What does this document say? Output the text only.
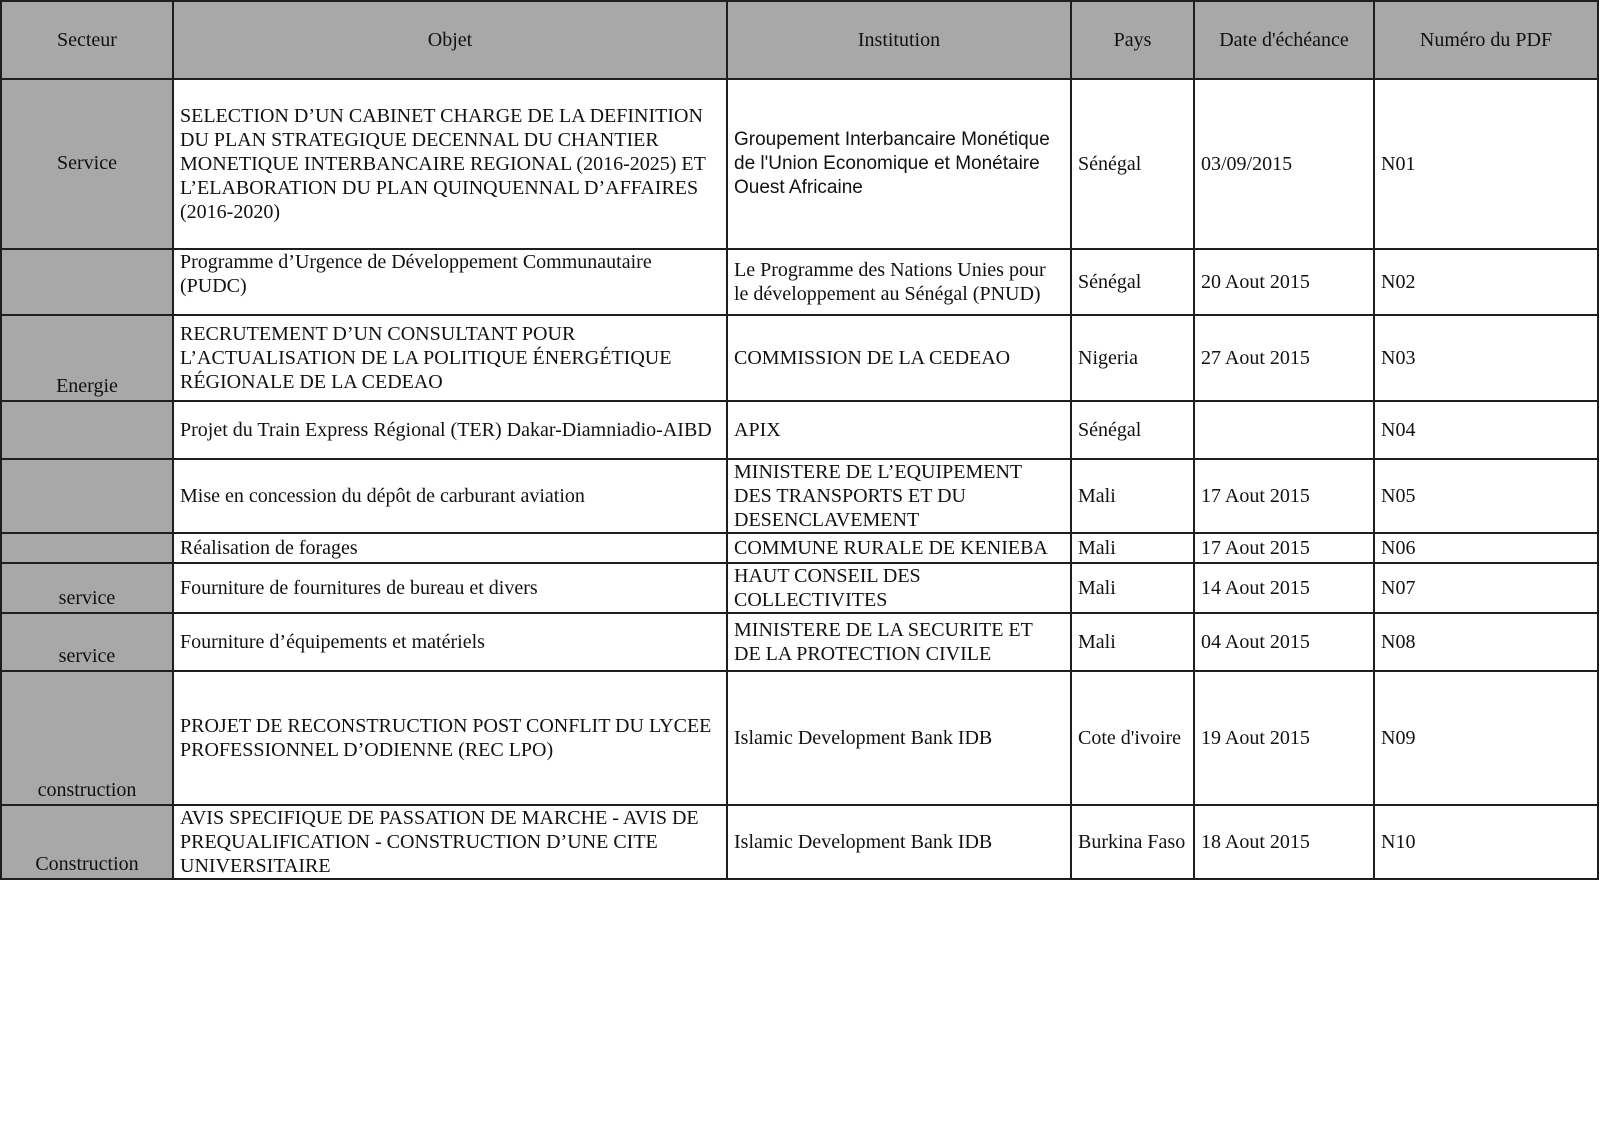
Secteur	Objet	Institution	Pays	Date d'échéance	Numéro du PDF
Service	SELECTION D’UN CABINET CHARGE DE LA DEFINITION DU PLAN STRATEGIQUE DECENNAL DU CHANTIER MONETIQUE INTERBANCAIRE REGIONAL (2016-2025) ET L’ELABORATION DU PLAN QUINQUENNAL D’AFFAIRES (2016-2020)	Groupement Interbancaire Monétique de l'Union Economique et Monétaire Ouest Africaine	Sénégal	03/09/2015	N01
	Programme d’Urgence de Développement Communautaire (PUDC)	Le Programme des Nations Unies pour le développement au Sénégal (PNUD)	Sénégal	20 Aout 2015	N02
Energie	RECRUTEMENT D’UN CONSULTANT POUR L’ACTUALISATION DE LA POLITIQUE ÉNERGÉTIQUE RÉGIONALE DE LA CEDEAO	COMMISSION DE LA CEDEAO	Nigeria	27 Aout 2015	N03
	Projet du Train Express Régional (TER) Dakar-Diamniadio-AIBD	APIX	Sénégal		N04
	Mise en concession du dépôt de carburant aviation	MINISTERE DE L’EQUIPEMENT DES TRANSPORTS ET DU DESENCLAVEMENT	Mali	17 Aout 2015	N05
	Réalisation de forages	COMMUNE RURALE DE KENIEBA	Mali	17 Aout 2015	N06
service	Fourniture de fournitures de bureau et divers	HAUT CONSEIL DES COLLECTIVITES	Mali	14 Aout 2015	N07
service	Fourniture d’équipements et matériels	MINISTERE DE LA SECURITE ET DE LA PROTECTION CIVILE	Mali	04 Aout 2015	N08
construction	PROJET DE RECONSTRUCTION POST CONFLIT DU LYCEE PROFESSIONNEL D’ODIENNE (REC LPO)	Islamic Development Bank IDB	Cote d'ivoire	19 Aout 2015	N09
Construction	AVIS SPECIFIQUE DE PASSATION DE MARCHE - AVIS DE PREQUALIFICATION - CONSTRUCTION D’UNE CITE UNIVERSITAIRE	Islamic Development Bank IDB	Burkina Faso	18 Aout 2015	N10
